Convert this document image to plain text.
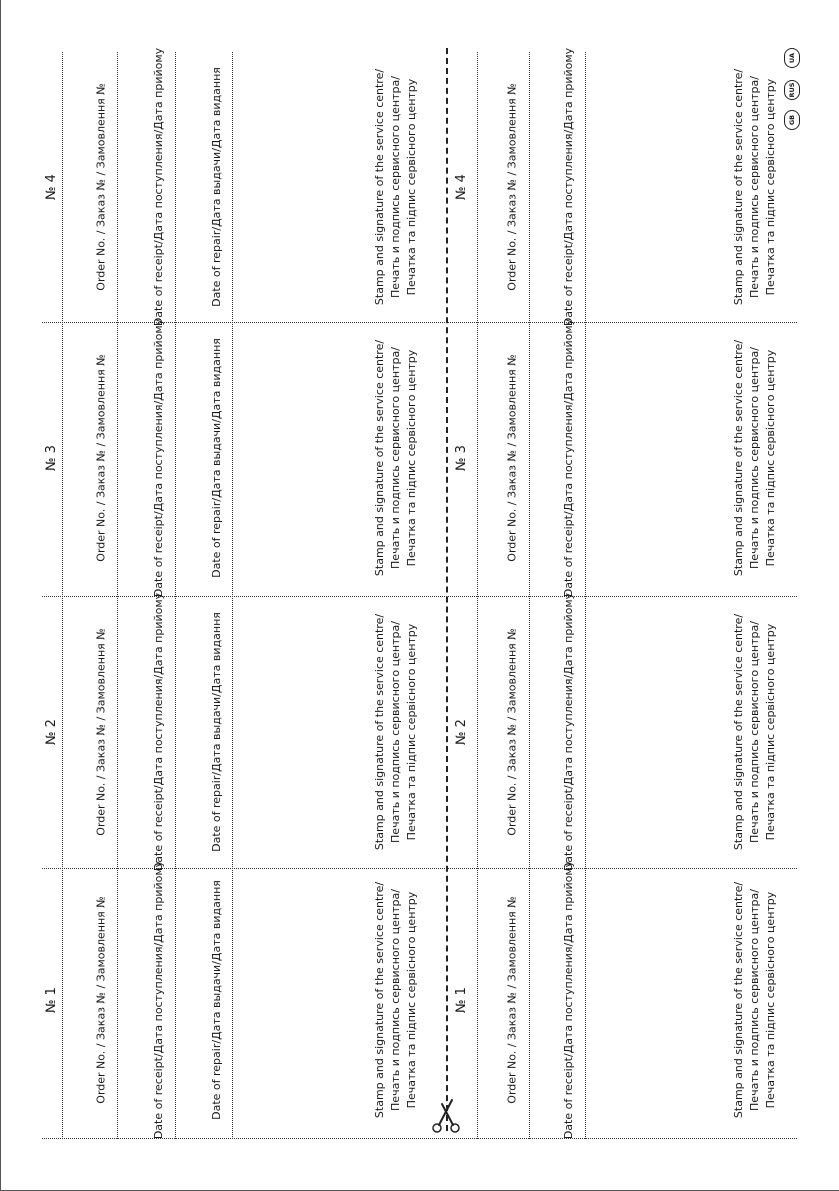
UA
RUS
GB
№ 1	Order No. / Заказ № / Замовлення №	Date of receipt/Дата поступления/Дата прийому	Date of repair/Дата выдачи/Дата видання	Stamp and signature of the service centre/
Печать и подпись сервисного центра/
Печатка та підпис сервісного центру
№ 2	Order No. / Заказ № / Замовлення №	Date of receipt/Дата поступления/Дата прийому	Date of repair/Дата выдачи/Дата видання	Stamp and signature of the service centre/
Печать и подпись сервисного центра/
Печатка та підпис сервісного центру
№ 3	Order No. / Заказ № / Замовлення №	Date of receipt/Дата поступления/Дата прийому	Date of repair/Дата выдачи/Дата видання	Stamp and signature of the service centre/
Печать и подпись сервисного центра/
Печатка та підпис сервісного центру
№ 4	Order No. / Заказ № / Замовлення №	Date of receipt/Дата поступления/Дата прийому	Date of repair/Дата выдачи/Дата видання	Stamp and signature of the service centre/
Печать и подпись сервисного центра/
Печатка та підпис сервісного центру
№ 1	Order No. / Заказ № / Замовлення №	Date of receipt/Дата поступления/Дата прийому	Stamp and signature of the service centre/
Печать и подпись сервисного центра/
Печатка та підпис сервісного центру
№ 2	Order No. / Заказ № / Замовлення №	Date of receipt/Дата поступления/Дата прийому	Stamp and signature of the service centre/
Печать и подпись сервисного центра/
Печатка та підпис сервісного центру
№ 3	Order No. / Заказ № / Замовлення №	Date of receipt/Дата поступления/Дата прийому	Stamp and signature of the service centre/
Печать и подпись сервисного центра/
Печатка та підпис сервісного центру
№ 4	Order No. / Заказ № / Замовлення №	Date of receipt/Дата поступления/Дата прийому	Stamp and signature of the service centre/
Печать и подпись сервисного центра/
Печатка та підпис сервісного центру
